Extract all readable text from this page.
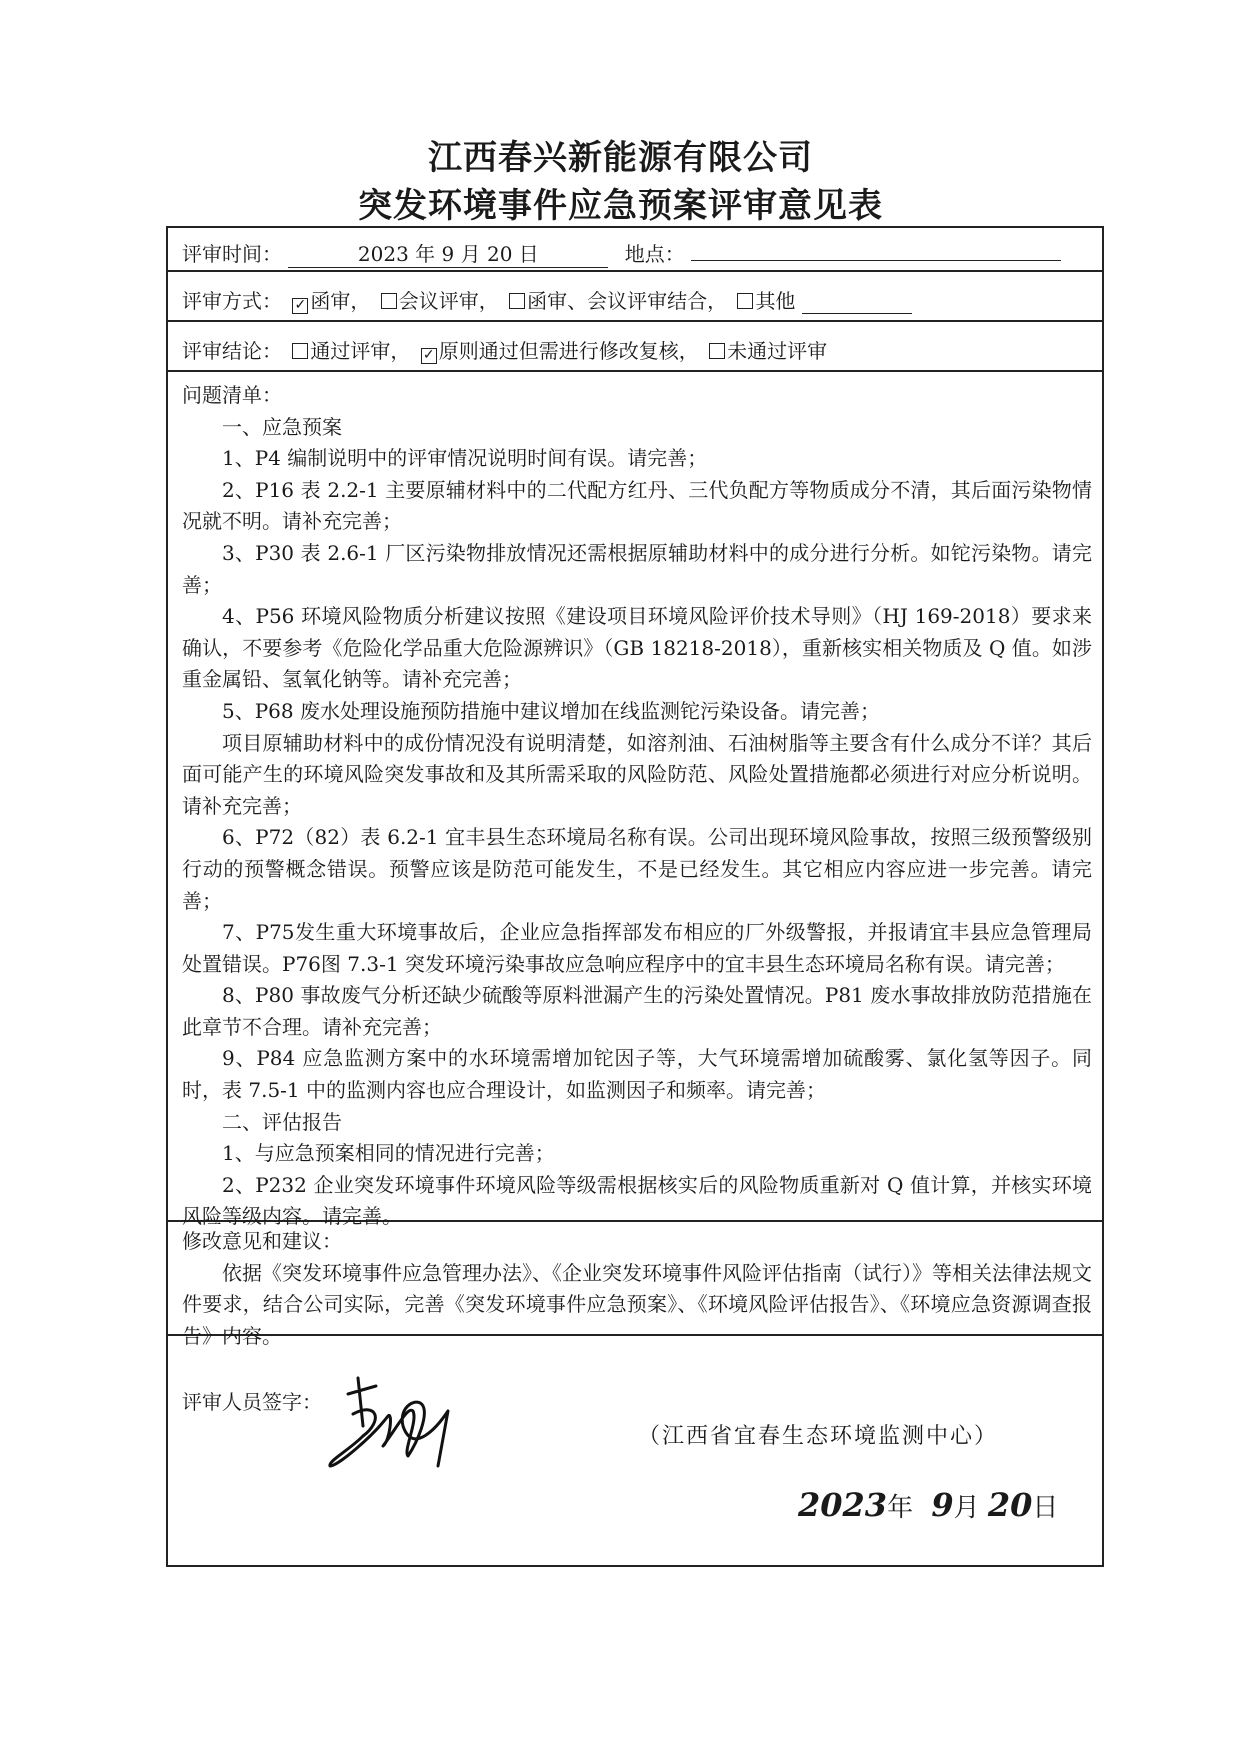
江西春兴新能源有限公司
突发环境事件应急预案评审意见表
评审时间：	2023 年 9 月 20 日	地点：
评审方式： ✓ 函审， 会议评审， 函审、会议评审结合， 其他
评审结论： 通过评审， ✓ 原则通过但需进行修改复核， 未通过评审

问题清单：

一、应急预案

1、P4 编制说明中的评审情况说明时间有误。请完善；

2、P16 表 2.2-1 主要原辅材料中的二代配方红丹、三代负配方等物质成分不清，其后面污染物情况就不明。请补充完善；

3、P30 表 2.6-1 厂区污染物排放情况还需根据原辅助材料中的成分进行分析。如铊污染物。请完善；

4、P56 环境风险物质分析建议按照《建设项目环境风险评价技术导则》（HJ 169-2018）要求来确认，不要参考《危险化学品重大危险源辨识》（GB 18218-2018），重新核实相关物质及 Q 值。如涉重金属铅、氢氧化钠等。请补充完善；

5、P68 废水处理设施预防措施中建议增加在线监测铊污染设备。请完善；

项目原辅助材料中的成份情况没有说明清楚，如溶剂油、石油树脂等主要含有什么成分不详？其后面可能产生的环境风险突发事故和及其所需采取的风险防范、风险处置措施都必须进行对应分析说明。请补充完善；

6、P72（82）表 6.2-1 宜丰县生态环境局名称有误。公司出现环境风险事故，按照三级预警级别行动的预警概念错误。预警应该是防范可能发生，不是已经发生。其它相应内容应进一步完善。请完善；

7、P75发生重大环境事故后，企业应急指挥部发布相应的厂外级警报，并报请宜丰县应急管理局处置错误。P76图 7.3-1 突发环境污染事故应急响应程序中的宜丰县生态环境局名称有误。请完善；

8、P80 事故废气分析还缺少硫酸等原料泄漏产生的污染处置情况。P81 废水事故排放防范措施在此章节不合理。请补充完善；

9、P84 应急监测方案中的水环境需增加铊因子等，大气环境需增加硫酸雾、氯化氢等因子。同时，表 7.5-1 中的监测内容也应合理设计，如监测因子和频率。请完善；

二、评估报告

1、与应急预案相同的情况进行完善；

2、P232 企业突发环境事件环境风险等级需根据核实后的风险物质重新对 Q 值计算，并核实环境风险等级内容。请完善。

修改意见和建议：

依据《突发环境事件应急管理办法》、《企业突发环境事件风险评估指南（试行）》等相关法律法规文件要求，结合公司实际，完善《突发环境事件应急预案》、《环境风险评估报告》、《环境应急资源调查报告》内容。

评审人员签字：
（江西省宜春生态环境监测中心）
2023年 9月 20日
